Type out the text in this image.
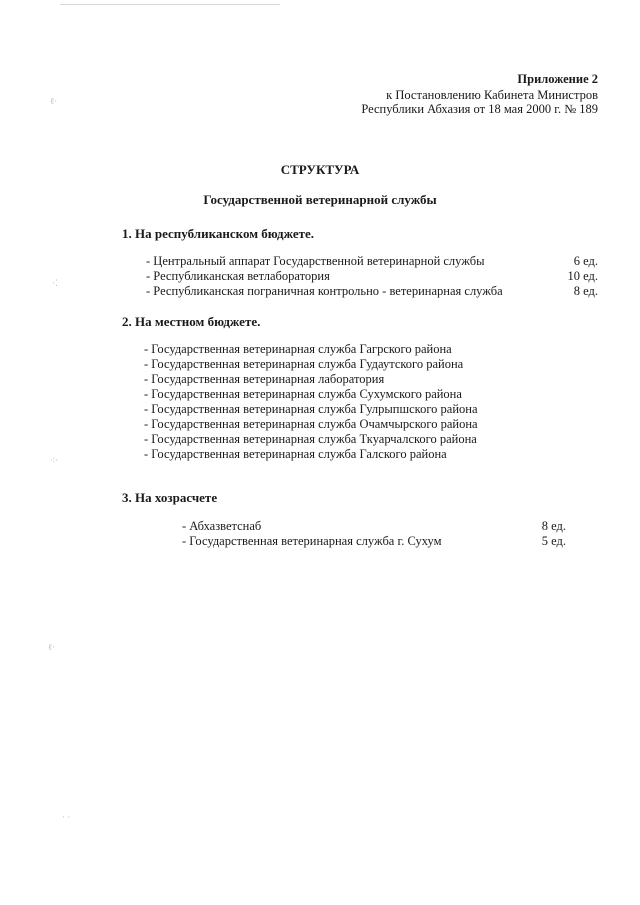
ℓ·
·⁚
⁖·
ℓ·
· ·
Приложение 2
к Постановлению Кабинета Министров
Республики Абхазия от 18 мая 2000 г. № 189
СТРУКТУРА
Государственной ветеринарной службы
1. На республиканском бюджете.
- Центральный аппарат Государственной ветеринарной службы	6 ед.
- Республиканская ветлаборатория	10 ед.
- Республиканская пограничная контрольно - ветеринарная служба	8 ед.
2. На местном бюджете.
- Государственная ветеринарная служба Гагрского района
- Государственная ветеринарная служба Гудаутского района
- Государственная ветеринарная лаборатория
- Государственная ветеринарная служба Сухумского района
- Государственная ветеринарная служба Гулрыпшского района
- Государственная ветеринарная служба Очамчырского района
- Государственная ветеринарная служба Ткуарчалского района
- Государственная ветеринарная служба Галского района
3. На хозрасчете
- Абхазветснаб	8 ед.
- Государственная ветеринарная служба г. Сухум	5 ед.
